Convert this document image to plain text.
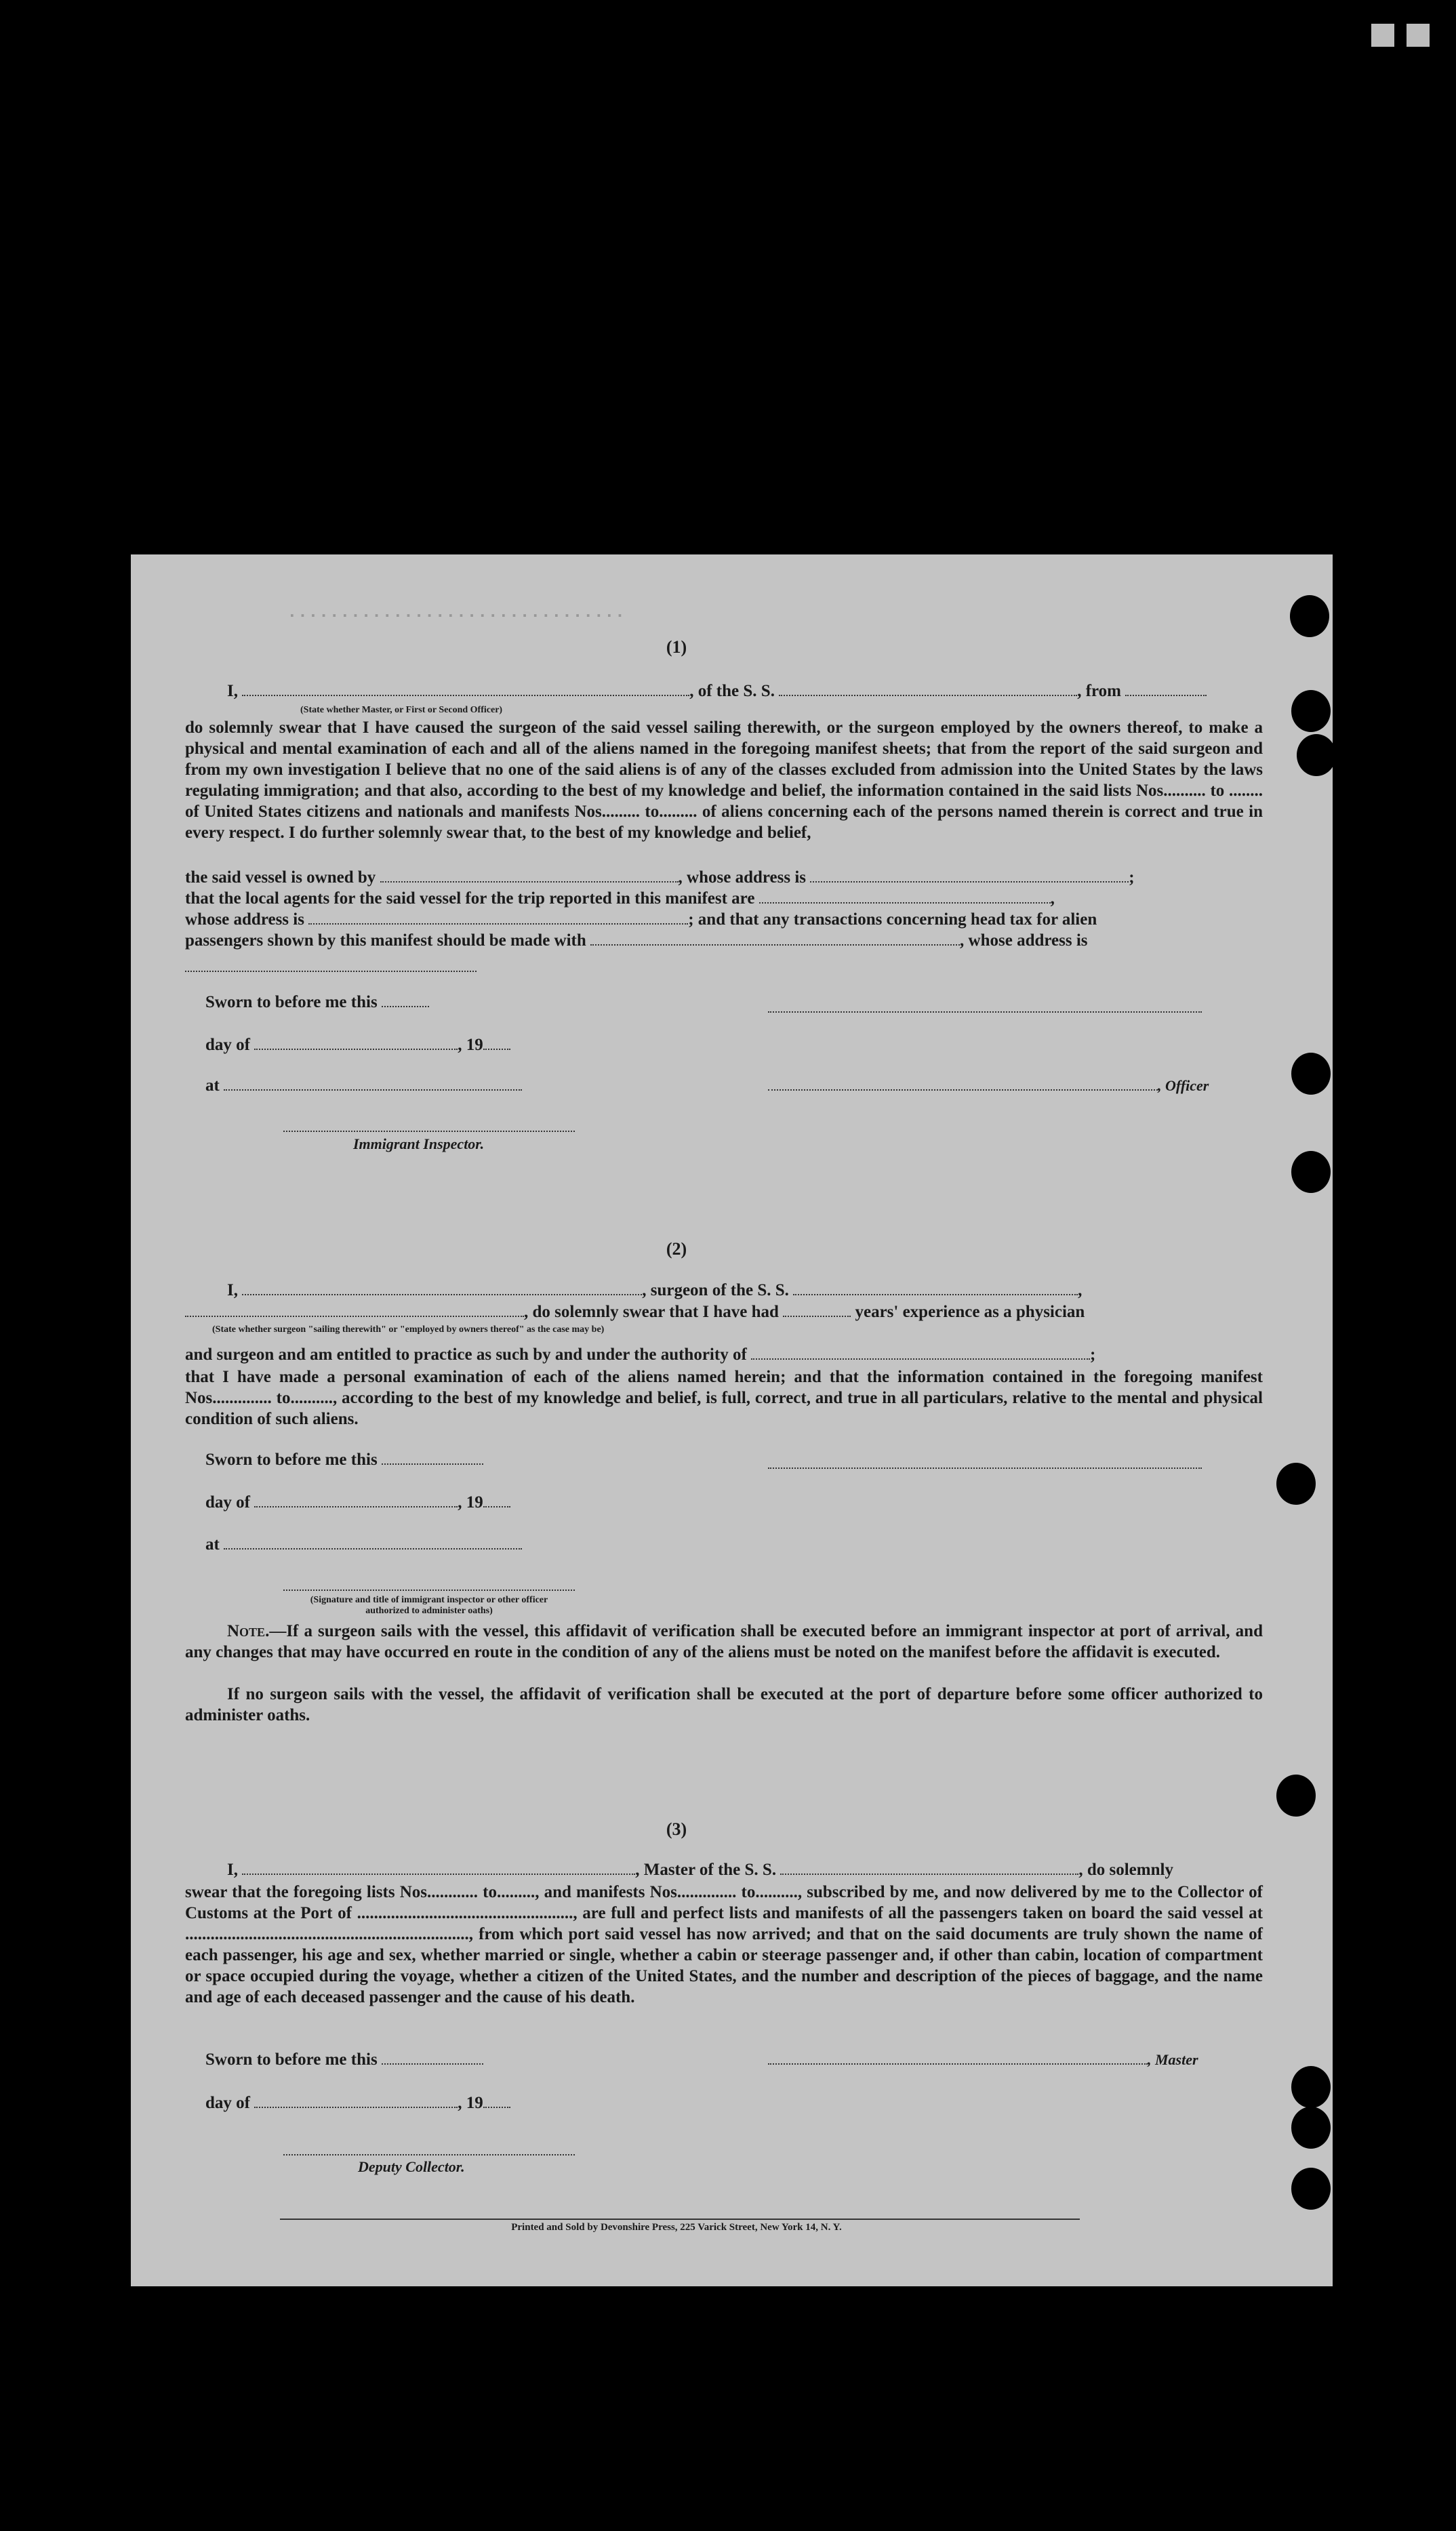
................................
(1)
I,	, of the S. S.	, from
(State whether Master, or First or Second Officer)
do solemnly swear that I have caused the surgeon of the said vessel sailing therewith, or the surgeon employed by the owners thereof, to make a physical and mental examination of each and all of the aliens named in the foregoing manifest sheets; that from the report of the said surgeon and from my own investigation I believe that no one of the said aliens is of any of the classes excluded from admission into the United States by the laws regulating immigration; and that also, according to the best of my knowledge and belief, the information contained in the said lists Nos.......... to ........ of United States citizens and nationals and manifests Nos......... to......... of aliens concerning each of the persons named therein is correct and true in every respect. I do further solemnly swear that, to the best of my knowledge and belief,
the said vessel is owned by	, whose address is	;
that the local agents for the said vessel for the trip reported in this manifest are	,
whose address is	; and that any transactions concerning head tax for alien
passengers shown by this manifest should be made with	, whose address is
Sworn to before me this
day of	, 19
at	, Officer
Immigrant Inspector.
(2)
I,	, surgeon of the S. S.	,
, do solemnly swear that I have had	years' experience as a physician
(State whether surgeon "sailing therewith" or "employed by owners thereof" as the case may be)
and surgeon and am entitled to practice as such by and under the authority of	;
that I have made a personal examination of each of the aliens named herein; and that the information contained in the foregoing manifest Nos.............. to.........., according to the best of my knowledge and belief, is full, correct, and true in all particulars, relative to the mental and physical condition of such aliens.
Sworn to before me this
day of	, 19
at
(Signature and title of immigrant inspector or other officer authorized to administer oaths)
Note.—If a surgeon sails with the vessel, this affidavit of verification shall be executed before an immigrant inspector at port of arrival, and any changes that may have occurred en route in the condition of any of the aliens must be noted on the manifest before the affidavit is executed.
If no surgeon sails with the vessel, the affidavit of verification shall be executed at the port of departure before some officer authorized to administer oaths.
(3)
I,	, Master of the S. S.	, do solemnly
swear that the foregoing lists Nos............ to........., and manifests Nos.............. to.........., subscribed by me, and now delivered by me to the Collector of Customs at the Port of ..................................................., are full and perfect lists and manifests of all the passengers taken on board the said vessel at ..................................................................., from which port said vessel has now arrived; and that on the said documents are truly shown the name of each passenger, his age and sex, whether married or single, whether a cabin or steerage passenger and, if other than cabin, location of compartment or space occupied during the voyage, whether a citizen of the United States, and the number and description of the pieces of baggage, and the name and age of each deceased passenger and the cause of his death.
Sworn to before me this	, Master
day of	, 19
Deputy Collector.
Printed and Sold by Devonshire Press, 225 Varick Street, New York 14, N. Y.
